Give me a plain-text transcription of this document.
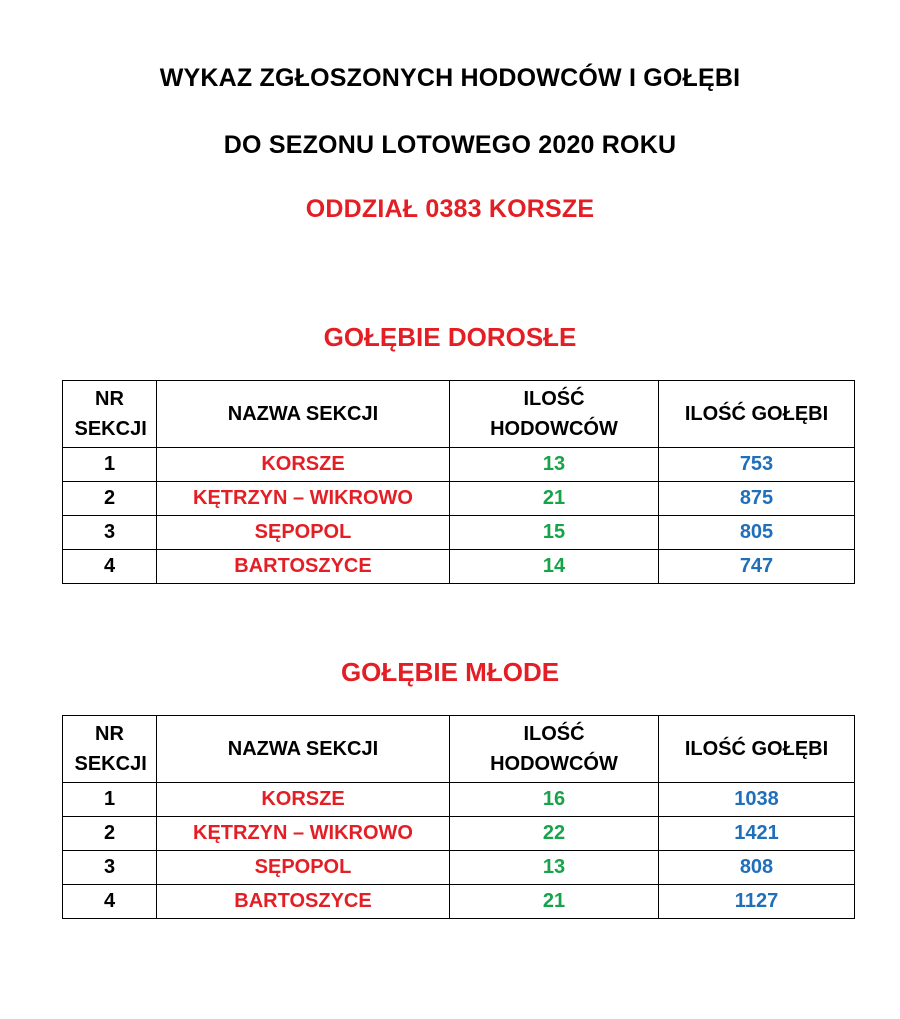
WYKAZ ZGŁOSZONYCH HODOWCÓW I GOŁĘBI
DO SEZONU LOTOWEGO 2020 ROKU
ODDZIAŁ 0383 KORSZE
GOŁĘBIE DOROSŁE
NR SEKCJI	NAZWA SEKCJI	ILOŚĆ HODOWCÓW	ILOŚĆ GOŁĘBI
1	KORSZE	13	753
2	KĘTRZYN – WIKROWO	21	875
3	SĘPOPOL	15	805
4	BARTOSZYCE	14	747
GOŁĘBIE MŁODE
NR SEKCJI	NAZWA SEKCJI	ILOŚĆ HODOWCÓW	ILOŚĆ GOŁĘBI
1	KORSZE	16	1038
2	KĘTRZYN – WIKROWO	22	1421
3	SĘPOPOL	13	808
4	BARTOSZYCE	21	1127
